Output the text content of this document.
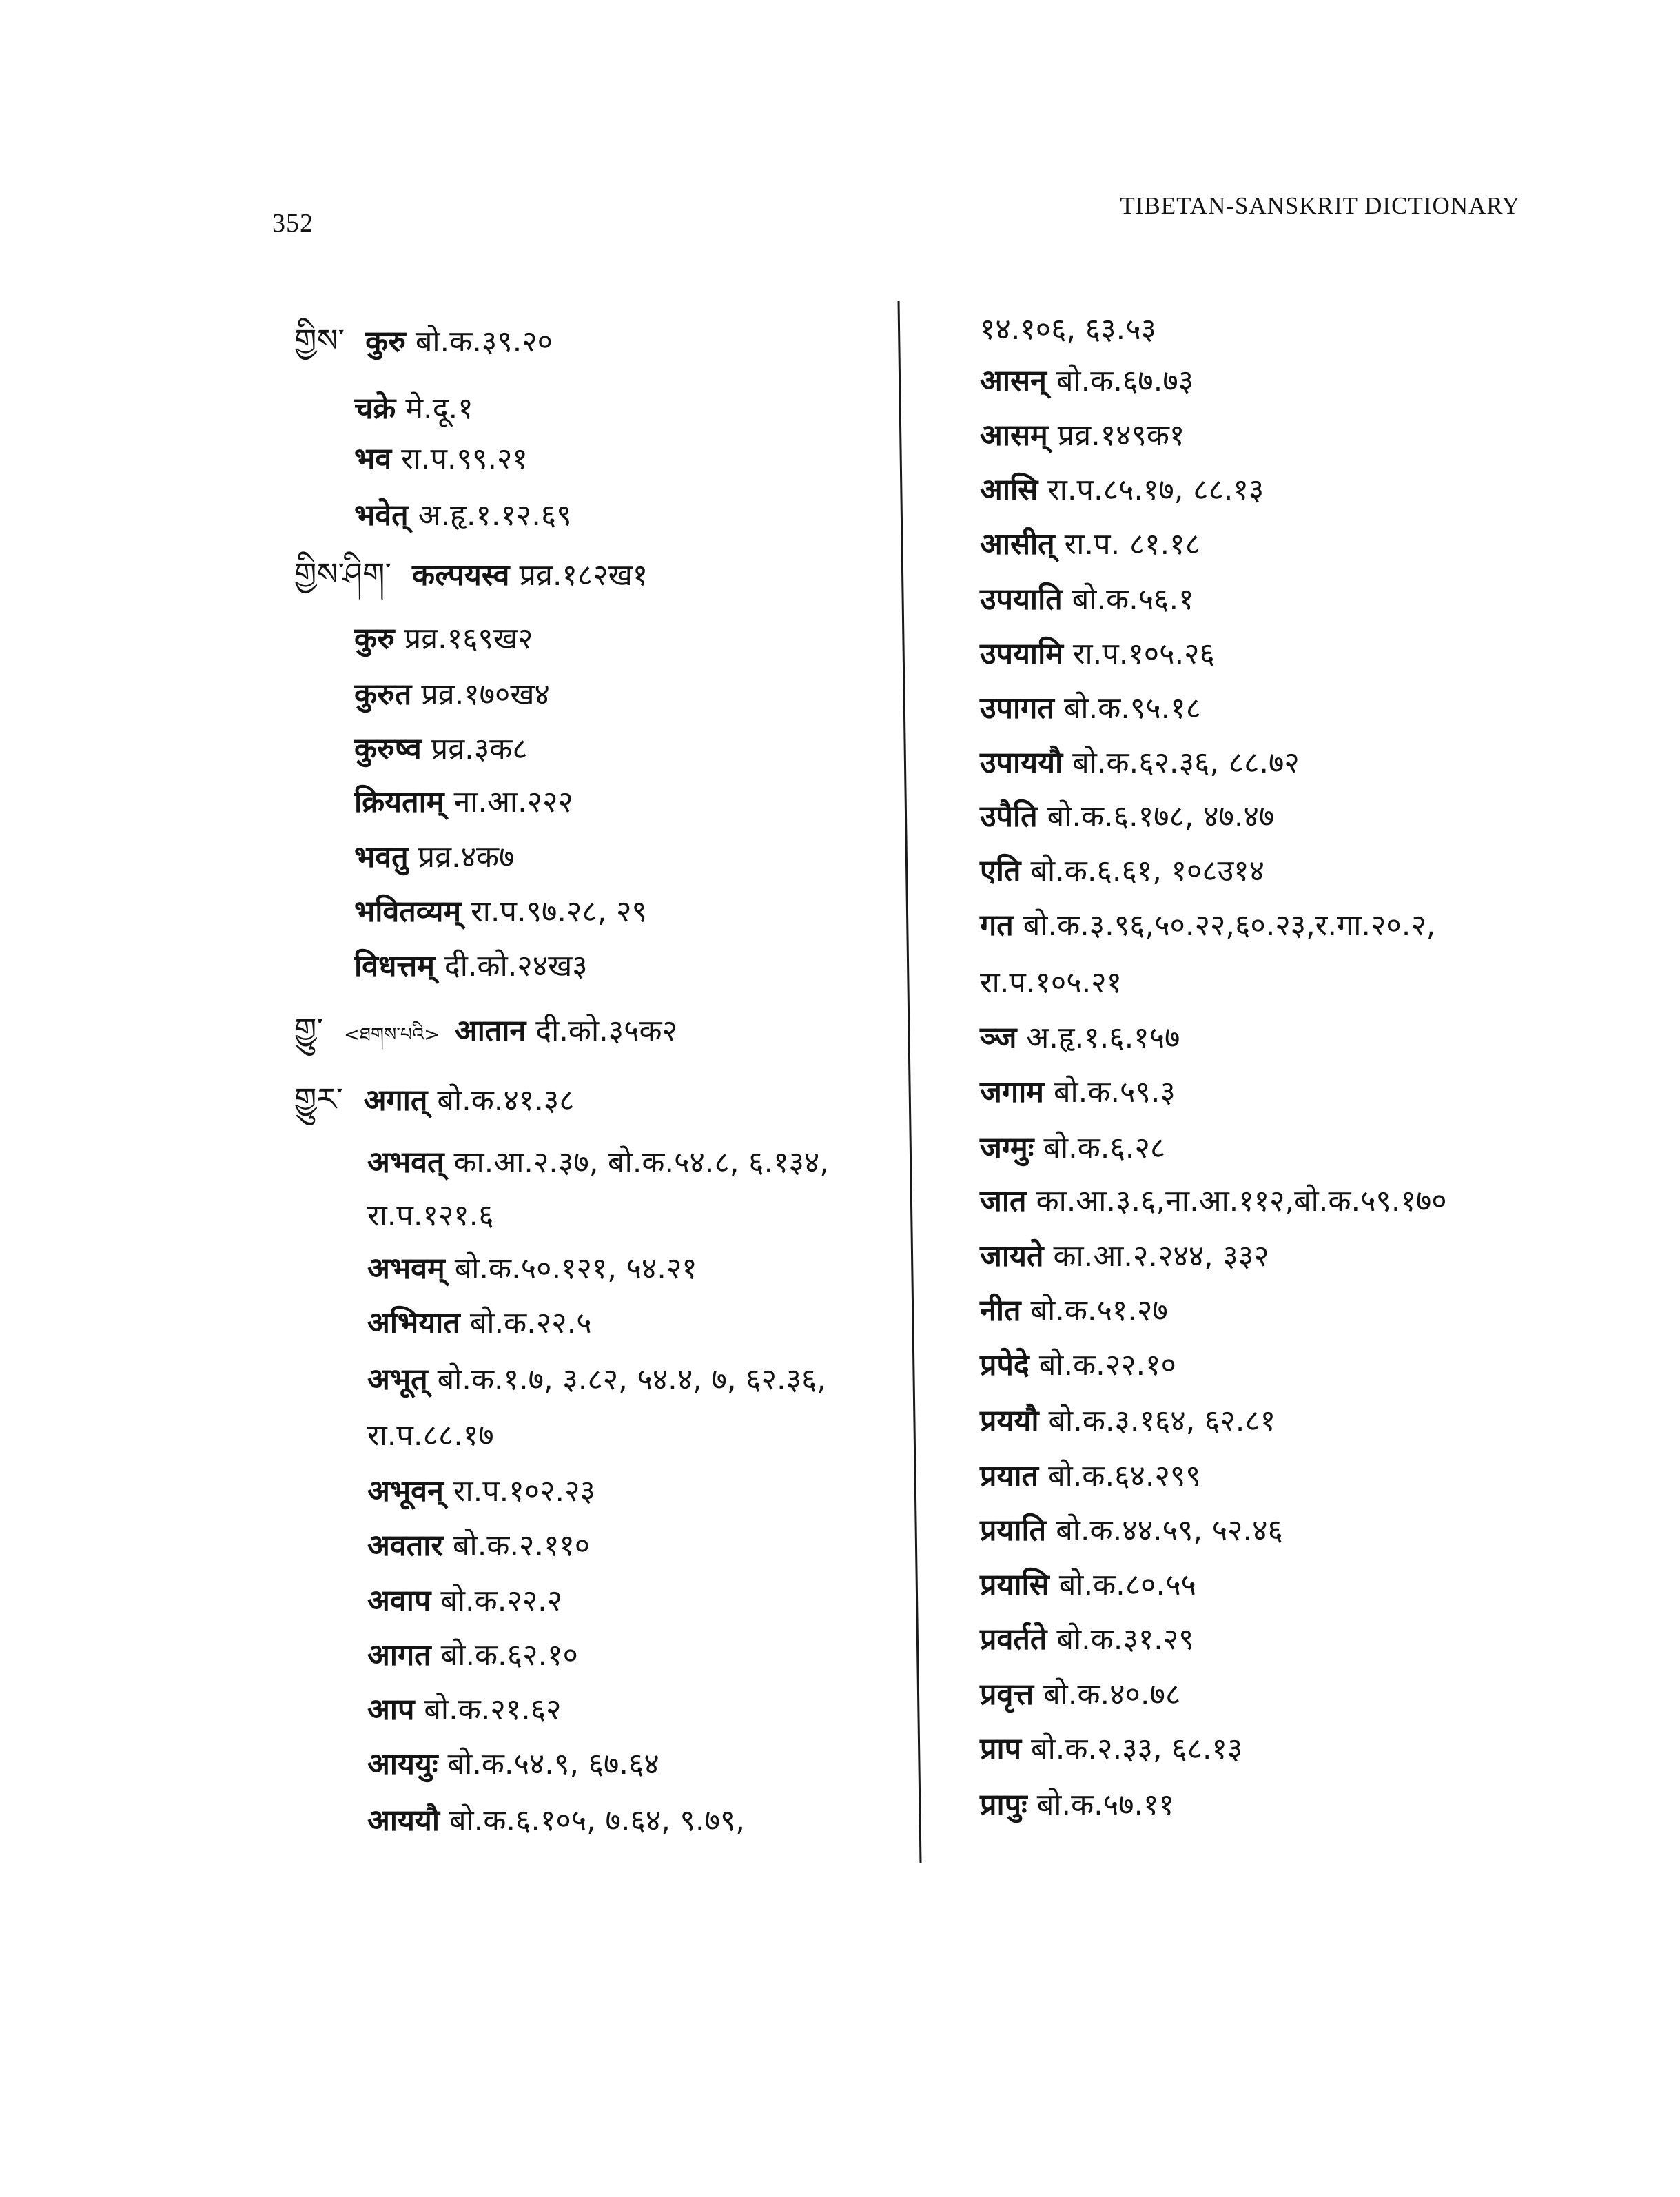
352
TIBETAN-SANSKRIT DICTIONARY
གྱིས་ कुरु बो.क.३९.२०
चक्रे मे.दू.१
भव रा.प.९९.२१
भवेत् अ.हृ.१.१२.६९
གྱིས་ཤིག་ कल्पयस्व प्रव्र.१८२ख१
कुरु प्रव्र.१६९ख२
कुरुत प्रव्र.१७०ख४
कुरुष्व प्रव्र.३क८
क्रियताम् ना.आ.२२२
भवतु प्रव्र.४क७
भवितव्यम् रा.प.९७.२८, २९
विधत्तम् दी.को.२४ख३
གྱུ་ <ཐགས་པའི> आतान दी.को.३५क२
གྱུར་ अगात् बो.क.४१.३८
अभवत् का.आ.२.३७, बो.क.५४.८, ६.१३४,
रा.प.१२१.६
अभवम् बो.क.५०.१२१, ५४.२१
अभियात बो.क.२२.५
अभूत् बो.क.१.७, ३.८२, ५४.४, ७, ६२.३६,
रा.प.८८.१७
अभूवन् रा.प.१०२.२३
अवतार बो.क.२.११०
अवाप बो.क.२२.२
आगत बो.क.६२.१०
आप बो.क.२१.६२
आययुः बो.क.५४.९, ६७.६४
आययौ बो.क.६.१०५, ७.६४, ९.७९,
१४.१०६, ६३.५३
आसन् बो.क.६७.७३
आसम् प्रव्र.१४९क१
आसि रा.प.८५.१७, ८८.१३
आसीत् रा.प. ८१.१८
उपयाति बो.क.५६.१
उपयामि रा.प.१०५.२६
उपागत बो.क.९५.१८
उपाययौ बो.क.६२.३६, ८८.७२
उपैति बो.क.६.१७८, ४७.४७
एति बो.क.६.६१, १०८उ१४
गत बो.क.३.९६,५०.२२,६०.२३,र.गा.२०.२,
रा.प.१०५.२१
ञ्ज अ.हृ.१.६.१५७
जगाम बो.क.५९.३
जग्मुः बो.क.६.२८
जात का.आ.३.६,ना.आ.११२,बो.क.५९.१७०
जायते का.आ.२.२४४, ३३२
नीत बो.क.५१.२७
प्रपेदे बो.क.२२.१०
प्रययौ बो.क.३.१६४, ६२.८१
प्रयात बो.क.६४.२९९
प्रयाति बो.क.४४.५९, ५२.४६
प्रयासि बो.क.८०.५५
प्रवर्तते बो.क.३१.२९
प्रवृत्त बो.क.४०.७८
प्राप बो.क.२.३३, ६८.१३
प्रापुः बो.क.५७.११
